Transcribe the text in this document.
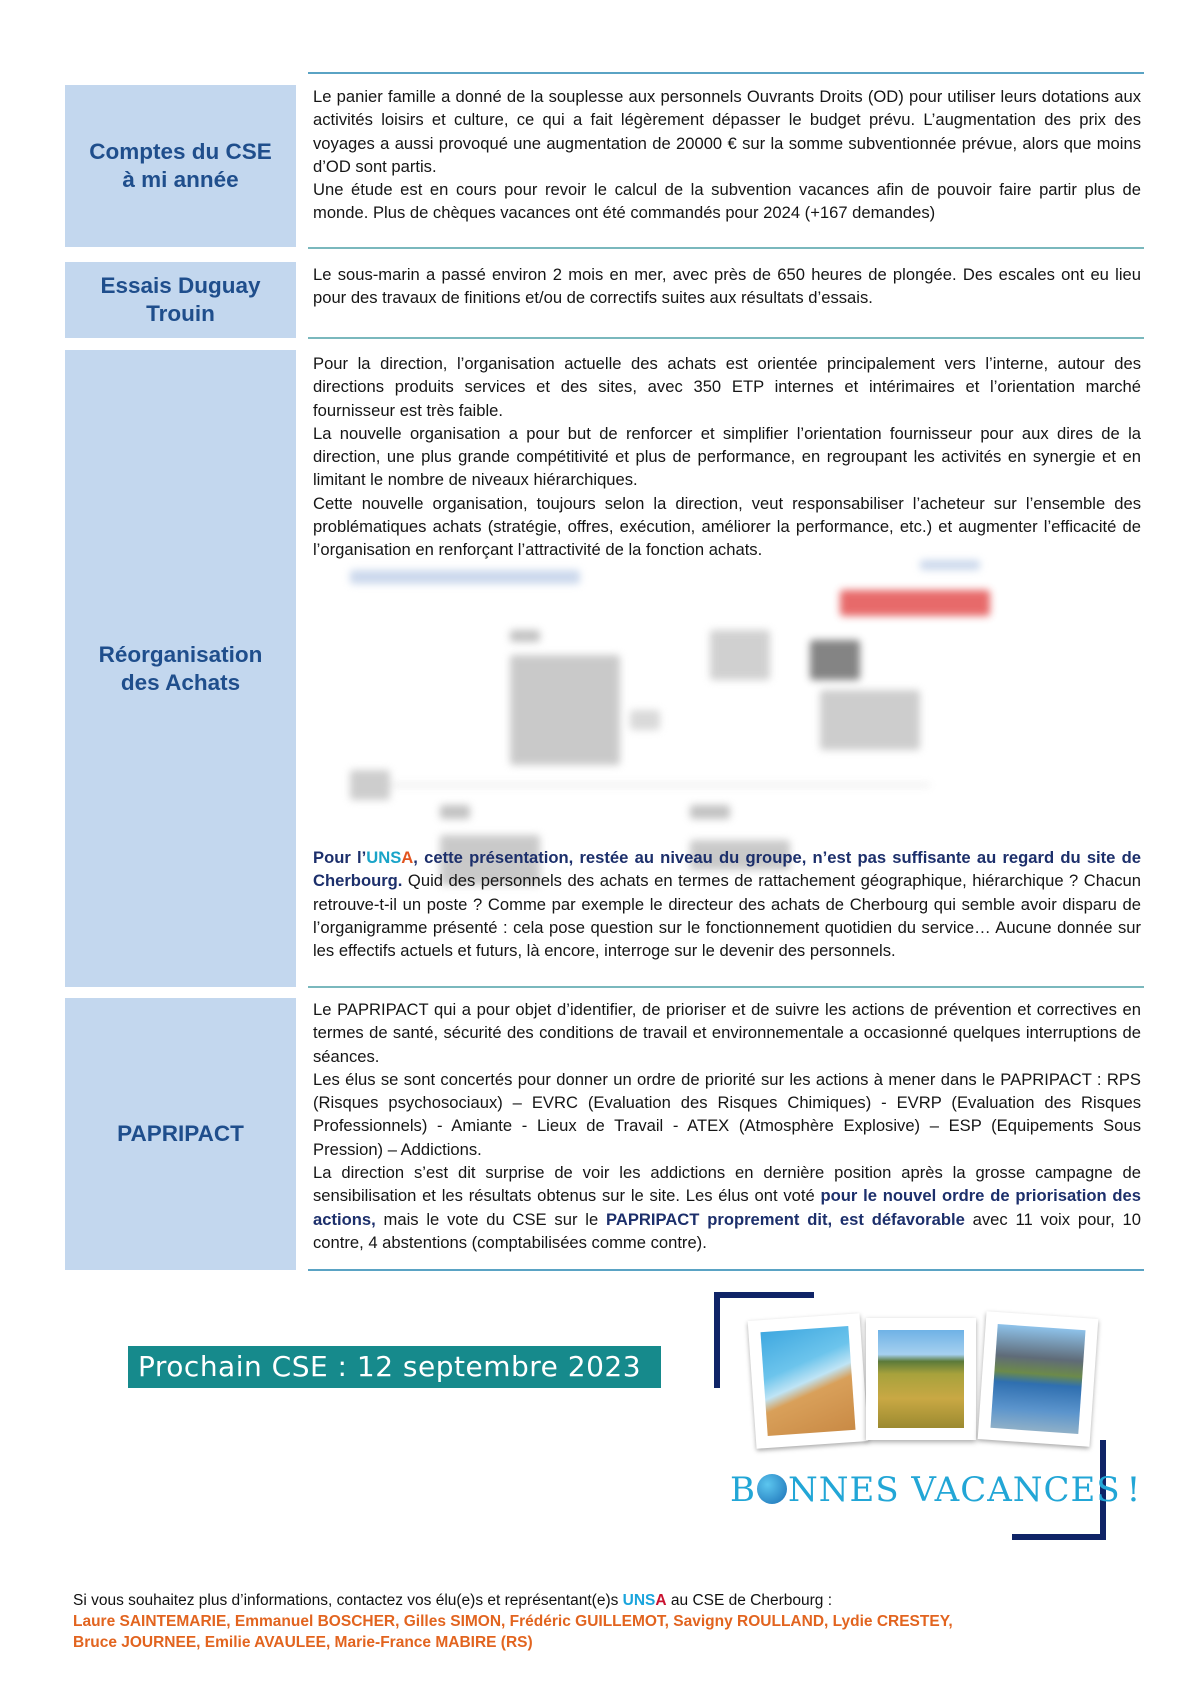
Comptes du CSE
à mi année

Le panier famille a donné de la souplesse aux personnels Ouvrants Droits (OD) pour utiliser leurs dotations aux activités loisirs et culture, ce qui a fait légèrement dépasser le budget prévu. L’augmentation des prix des voyages a aussi provoqué une augmentation de 20000 € sur la somme subventionnée prévue, alors que moins d’OD sont partis.

Une étude est en cours pour revoir le calcul de la subvention vacances afin de pouvoir faire partir plus de monde. Plus de chèques vacances ont été commandés pour 2024 (+167 demandes)

Essais Duguay
Trouin

Le sous-marin a passé environ 2 mois en mer, avec près de 650 heures de plongée. Des escales ont eu lieu pour des travaux de finitions et/ou de correctifs suites aux résultats d’essais.

Réorganisation
des Achats

Pour la direction, l’organisation actuelle des achats est orientée principalement vers l’interne, autour des directions produits services et des sites, avec 350 ETP internes et intérimaires et l’orientation marché fournisseur est très faible.

La nouvelle organisation a pour but de renforcer et simplifier l’orientation fournisseur pour aux dires de la direction, une plus grande compétitivité et plus de performance, en regroupant les activités en synergie et en limitant le nombre de niveaux hiérarchiques.

Cette nouvelle organisation, toujours selon la direction, veut responsabiliser l’acheteur sur l’ensemble des problématiques achats (stratégie, offres, exécution, améliorer la performance, etc.) et augmenter l’efficacité de l’organisation en renforçant l’attractivité de la fonction achats.

Pour l’UNSA, cette présentation, restée au niveau du groupe, n’est pas suffisante au regard du site de Cherbourg. Quid des personnels des achats en termes de rattachement géographique, hiérarchique ? Chacun retrouve-t-il un poste ? Comme par exemple le directeur des achats de Cherbourg qui semble avoir disparu de l’organigramme présenté : cela pose question sur le fonctionnement quotidien du service… Aucune donnée sur les effectifs actuels et futurs, là encore, interroge sur le devenir des personnels.

PAPRIPACT

Le PAPRIPACT qui a pour objet d’identifier, de prioriser et de suivre les actions de prévention et correctives en termes de santé, sécurité des conditions de travail et environnementale a occasionné quelques interruptions de séances.

Les élus se sont concertés pour donner un ordre de priorité sur les actions à mener dans le PAPRIPACT : RPS (Risques psychosociaux) – EVRC (Evaluation des Risques Chimiques) - EVRP (Evaluation des Risques Professionnels) - Amiante - Lieux de Travail - ATEX (Atmosphère Explosive) – ESP (Equipements Sous Pression) – Addictions.

La direction s’est dit surprise de voir les addictions en dernière position après la grosse campagne de sensibilisation et les résultats obtenus sur le site. Les élus ont voté pour le nouvel ordre de priorisation des actions, mais le vote du CSE sur le PAPRIPACT proprement dit, est défavorable avec 11 voix pour, 10 contre, 4 abstentions (comptabilisées comme contre).

Prochain CSE : 12 septembre 2023
B NNES VACANCES !
Si vous souhaitez plus d’informations, contactez vos élu(e)s et représentant(e)s UNSA au CSE de Cherbourg :
Laure SAINTEMARIE, Emmanuel BOSCHER, Gilles SIMON, Frédéric GUILLEMOT, Savigny ROULLAND, Lydie CRESTEY,
Bruce JOURNEE, Emilie AVAULEE, Marie-France MABIRE (RS)
